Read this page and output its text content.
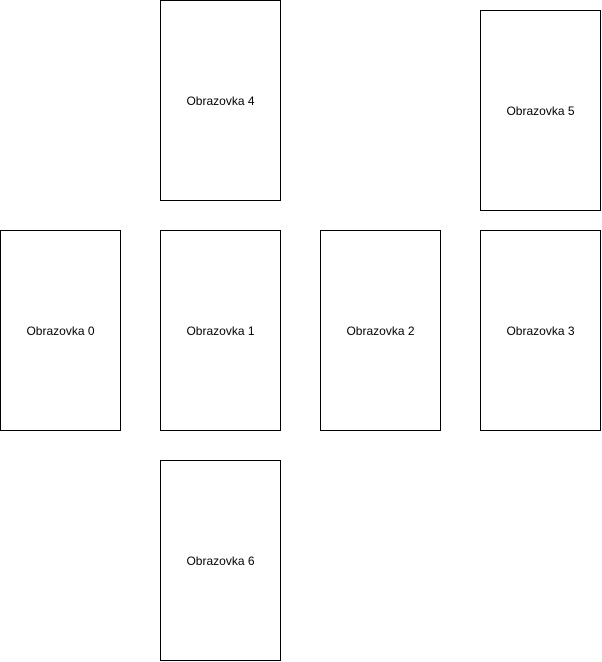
Obrazovka 0	Obrazovka 1	Obrazovka 2	Obrazovka 3
Obrazovka 4
Obrazovka 5
Obrazovka 6
